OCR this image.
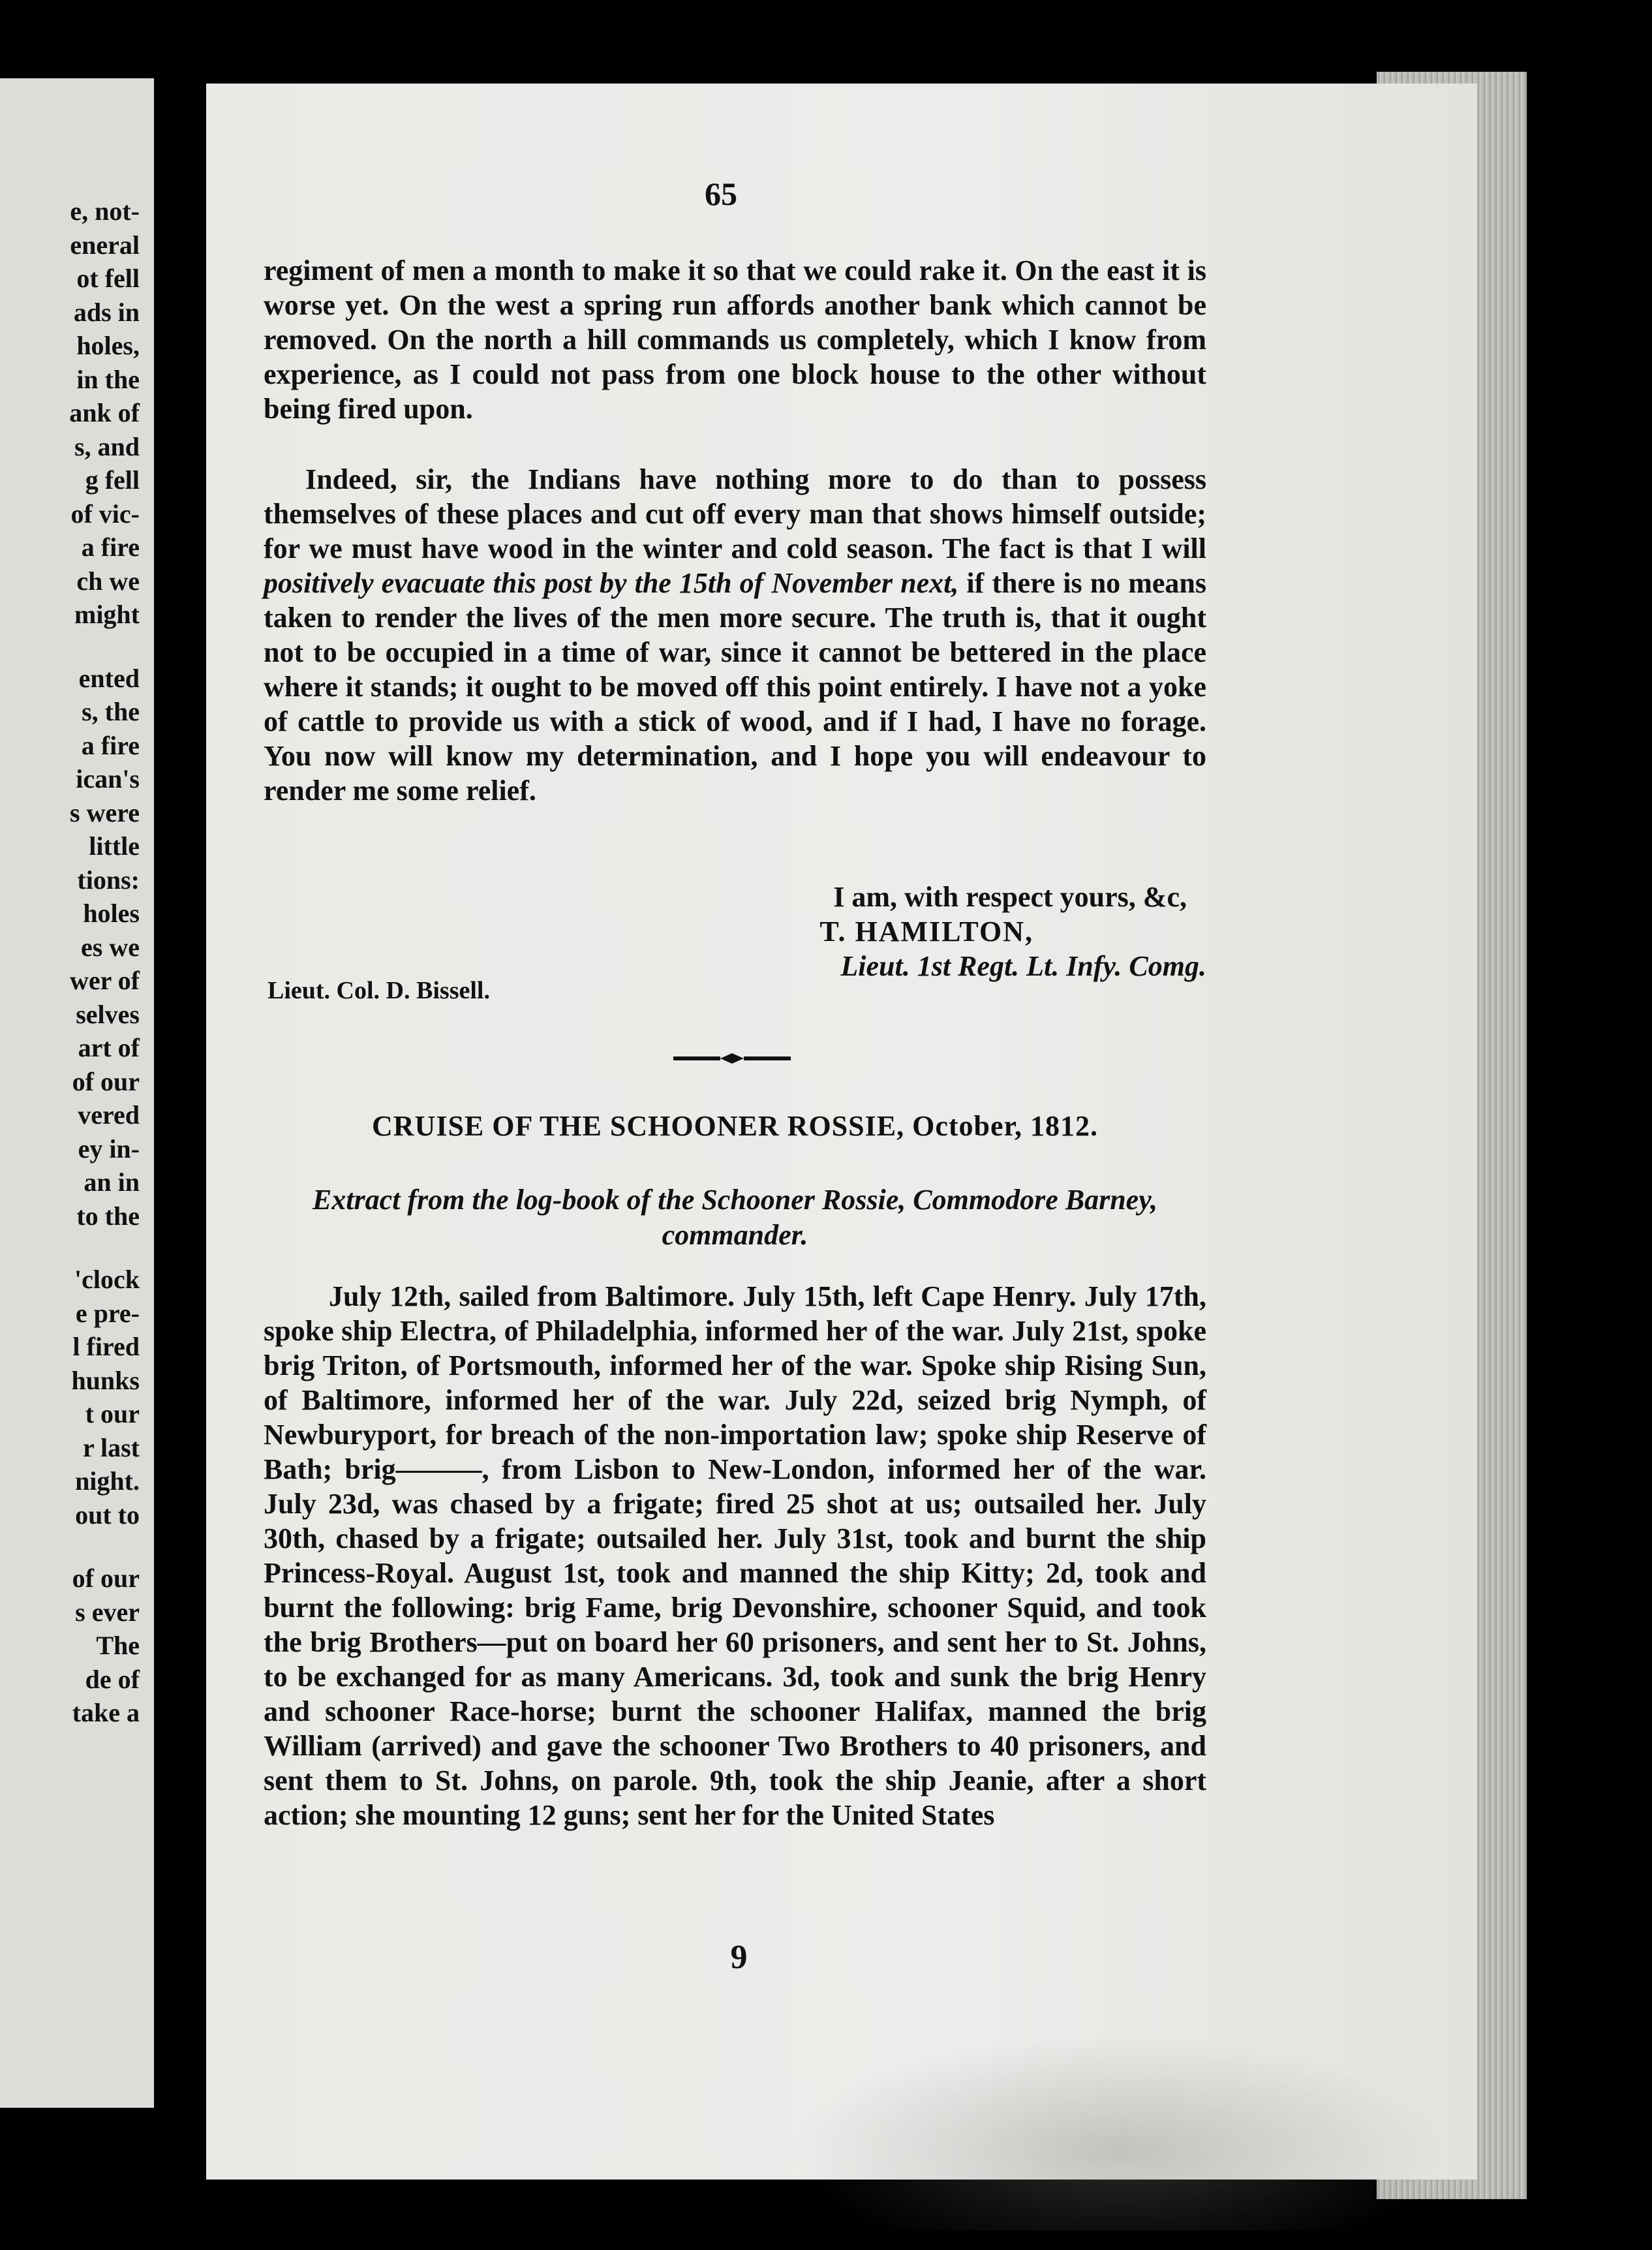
e, not-
eneral
ot fell
ads in
holes,
in the
ank of
s, and
g fell
of vic-
a fire
ch we
might
ented
s, the
a fire
ican's
s were
little
tions:
holes
es we
wer of
selves
art of
of our
vered
ey in-
an in
to the
'clock
e pre-
l fired
hunks
t our
r last
night.
out to
of our
s ever
The
de of
take a

65

regiment of men a month to make it so that we could rake it. On the east it is worse yet. On the west a spring run affords another bank which cannot be removed. On the north a hill commands us completely, which I know from experience, as I could not pass from one block house to the other without being fired upon.

Indeed, sir, the Indians have nothing more to do than to possess themselves of these places and cut off every man that shows himself outside; for we must have wood in the winter and cold season. The fact is that I will positively evacuate this post by the 15th of November next, if there is no means taken to render the lives of the men more secure. The truth is, that it ought not to be occupied in a time of war, since it cannot be bettered in the place where it stands; it ought to be moved off this point entirely. I have not a yoke of cattle to provide us with a stick of wood, and if I had, I have no forage. You now will know my determination, and I hope you will endeavour to render me some relief.

I am, with respect yours, &c,
T. HAMILTON,
Lieut. 1st Regt. Lt. Infy. Comg.

Lieut. Col. D. Bissell.

CRUISE OF THE SCHOONER ROSSIE, October, 1812.

Extract from the log-book of the Schooner Rossie, Commodore Barney, commander.

July 12th, sailed from Baltimore. July 15th, left Cape Henry. July 17th, spoke ship Electra, of Philadelphia, informed her of the war. July 21st, spoke brig Triton, of Portsmouth, informed her of the war. Spoke ship Rising Sun, of Baltimore, informed her of the war. July 22d, seized brig Nymph, of Newburyport, for breach of the non-importation law; spoke ship Reserve of Bath; brig———, from Lisbon to New-London, informed her of the war. July 23d, was chased by a frigate; fired 25 shot at us; outsailed her. July 30th, chased by a frigate; outsailed her. July 31st, took and burnt the ship Princess-Royal. August 1st, took and manned the ship Kitty; 2d, took and burnt the following: brig Fame, brig Devonshire, schooner Squid, and took the brig Brothers—put on board her 60 prisoners, and sent her to St. Johns, to be exchanged for as many Americans. 3d, took and sunk the brig Henry and schooner Race-horse; burnt the schooner Halifax, manned the brig William (arrived) and gave the schooner Two Brothers to 40 prisoners, and sent them to St. Johns, on parole. 9th, took the ship Jeanie, after a short action; she mounting 12 guns; sent her for the United States

9
